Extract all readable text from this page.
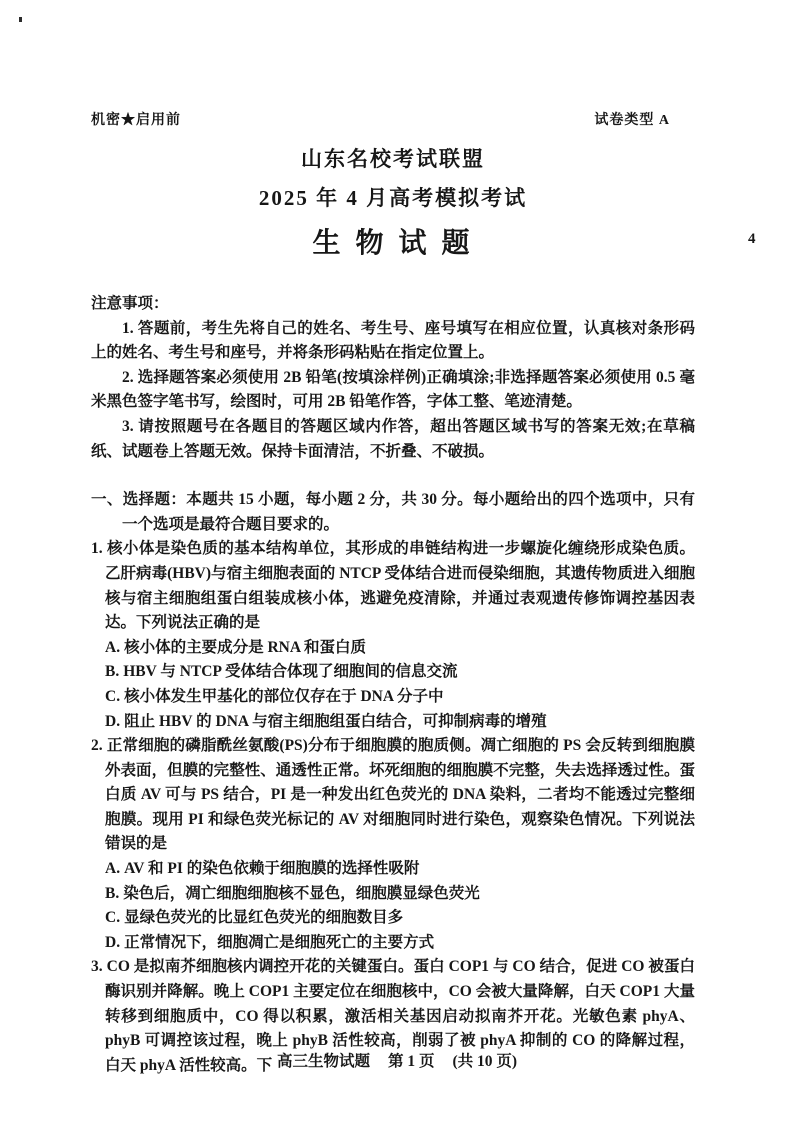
4
机密★启用前	试卷类型 A
山东名校考试联盟
2025 年 4 月高考模拟考试
生 物 试 题

注意事项：

1. 答题前，考生先将自己的姓名、考生号、座号填写在相应位置，认真核对条形码上的姓名、考生号和座号，并将条形码粘贴在指定位置上。

2. 选择题答案必须使用 2B 铅笔(按填涂样例)正确填涂;非选择题答案必须使用 0.5 毫米黑色签字笔书写，绘图时，可用 2B 铅笔作答，字体工整、笔迹清楚。

3. 请按照题号在各题目的答题区域内作答，超出答题区域书写的答案无效;在草稿纸、试题卷上答题无效。保持卡面清洁，不折叠、不破损。

一、选择题：本题共 15 小题，每小题 2 分，共 30 分。每小题给出的四个选项中，只有一个选项是最符合题目要求的。

1. 核小体是染色质的基本结构单位，其形成的串链结构进一步螺旋化缠绕形成染色质。乙肝病毒(HBV)与宿主细胞表面的 NTCP 受体结合进而侵染细胞，其遗传物质进入细胞核与宿主细胞组蛋白组装成核小体，逃避免疫清除，并通过表观遗传修饰调控基因表达。下列说法正确的是

A. 核小体的主要成分是 RNA 和蛋白质

B. HBV 与 NTCP 受体结合体现了细胞间的信息交流

C. 核小体发生甲基化的部位仅存在于 DNA 分子中

D. 阻止 HBV 的 DNA 与宿主细胞组蛋白结合，可抑制病毒的增殖

2. 正常细胞的磷脂酰丝氨酸(PS)分布于细胞膜的胞质侧。凋亡细胞的 PS 会反转到细胞膜外表面，但膜的完整性、通透性正常。坏死细胞的细胞膜不完整，失去选择透过性。蛋白质 AV 可与 PS 结合，PI 是一种发出红色荧光的 DNA 染料，二者均不能透过完整细胞膜。现用 PI 和绿色荧光标记的 AV 对细胞同时进行染色，观察染色情况。下列说法错误的是

A. AV 和 PI 的染色依赖于细胞膜的选择性吸附

B. 染色后，凋亡细胞细胞核不显色，细胞膜显绿色荧光

C. 显绿色荧光的比显红色荧光的细胞数目多

D. 正常情况下，细胞凋亡是细胞死亡的主要方式

3. CO 是拟南芥细胞核内调控开花的关键蛋白。蛋白 COP1 与 CO 结合，促进 CO 被蛋白酶识别并降解。晚上 COP1 主要定位在细胞核中，CO 会被大量降解，白天 COP1 大量转移到细胞质中，CO 得以积累，激活相关基因启动拟南芥开花。光敏色素 phyA、phyB 可调控该过程，晚上 phyB 活性较高，削弱了被 phyA 抑制的 CO 的降解过程，白天 phyA 活性较高。下 高三生物试题 第 1 页 (共 10 页)
